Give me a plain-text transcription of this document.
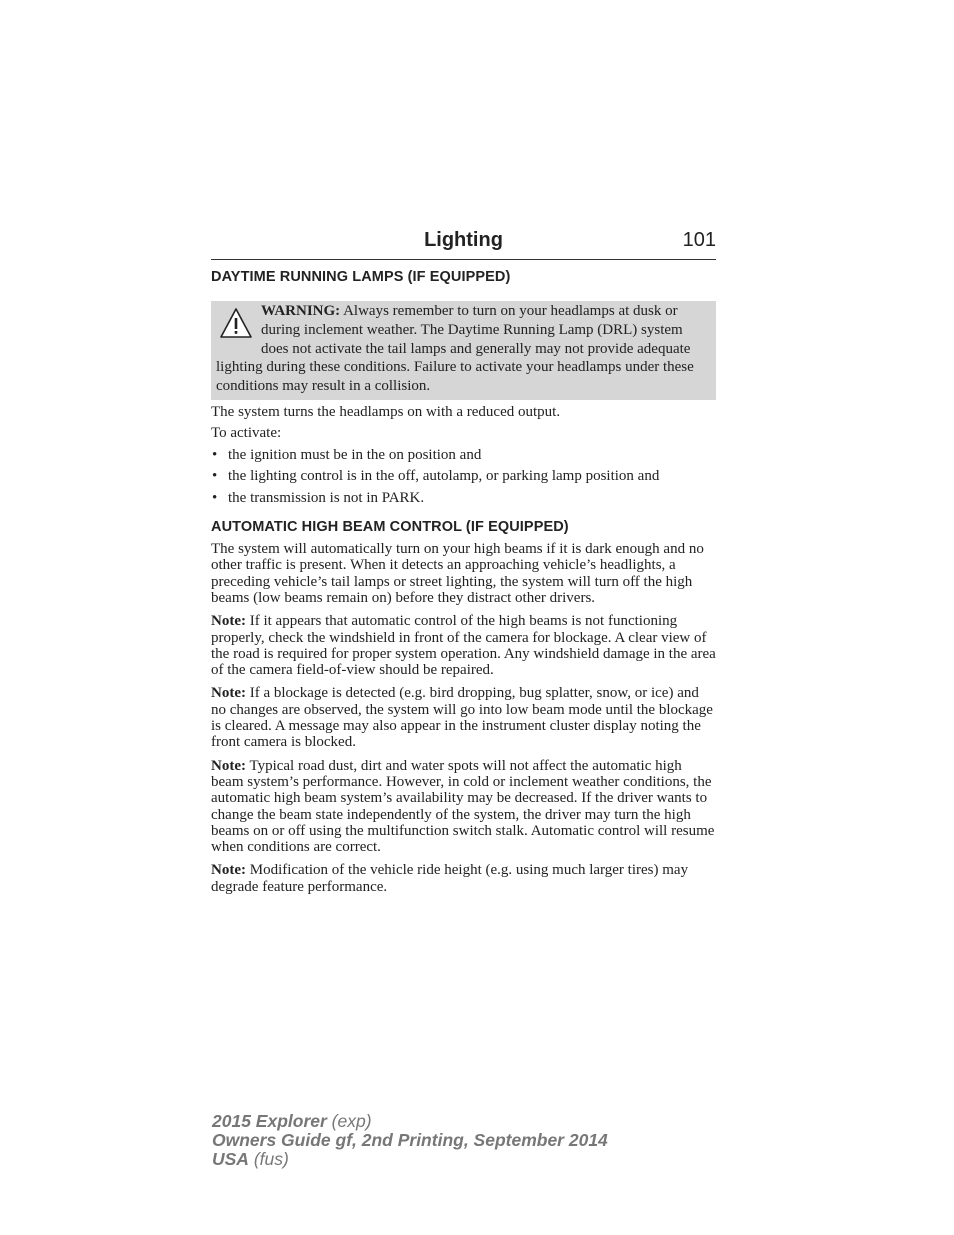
Lighting	101
DAYTIME RUNNING LAMPS (IF EQUIPPED)
WARNING: Always remember to turn on your headlamps at dusk or during inclement weather. The Daytime Running Lamp (DRL) system does not activate the tail lamps and generally may not provide adequate lighting during these conditions. Failure to activate your headlamps under these conditions may result in a collision.

The system turns the headlamps on with a reduced output.

To activate:

• the ignition must be in the on position and
• the lighting control is in the off, autolamp, or parking lamp position and
• the transmission is not in PARK.
AUTOMATIC HIGH BEAM CONTROL (IF EQUIPPED)

The system will automatically turn on your high beams if it is dark enough and no other traffic is present. When it detects an approaching vehicle’s headlights, a preceding vehicle’s tail lamps or street lighting, the system will turn off the high beams (low beams remain on) before they distract other drivers.

Note: If it appears that automatic control of the high beams is not functioning properly, check the windshield in front of the camera for blockage. A clear view of the road is required for proper system operation. Any windshield damage in the area of the camera field-of-view should be repaired.

Note: If a blockage is detected (e.g. bird dropping, bug splatter, snow, or ice) and no changes are observed, the system will go into low beam mode until the blockage is cleared. A message may also appear in the instrument cluster display noting the front camera is blocked.

Note: Typical road dust, dirt and water spots will not affect the automatic high beam system’s performance. However, in cold or inclement weather conditions, the automatic high beam system’s availability may be decreased. If the driver wants to change the beam state independently of the system, the driver may turn the high beams on or off using the multifunction switch stalk. Automatic control will resume when conditions are correct.

Note: Modification of the vehicle ride height (e.g. using much larger tires) may degrade feature performance.

2015 Explorer (exp)
Owners Guide gf, 2nd Printing, September 2014
USA (fus)
